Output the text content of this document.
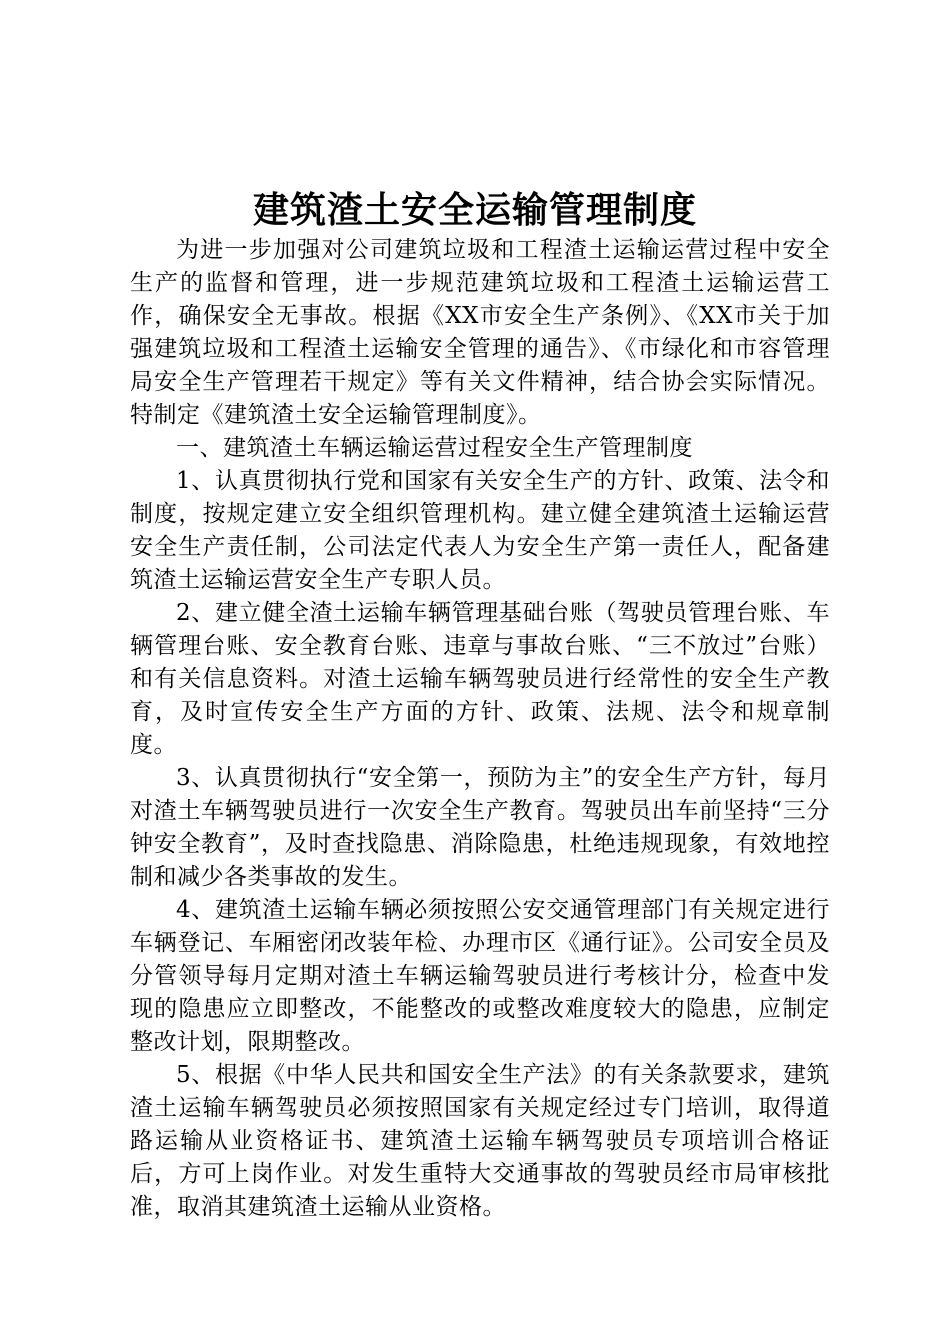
建筑渣土安全运输管理制度

为进一步加强对公司建筑垃圾和工程渣土运输运营过程中安全生产的监督和管理，进一步规范建筑垃圾和工程渣土运输运营工作，确保安全无事故。根据《XX市安全生产条例》、《XX市关于加强建筑垃圾和工程渣土运输安全管理的通告》、《市绿化和市容管理局安全生产管理若干规定》等有关文件精神，结合协会实际情况。特制定《建筑渣土安全运输管理制度》。

一、建筑渣土车辆运输运营过程安全生产管理制度

1、认真贯彻执行党和国家有关安全生产的方针、政策、法令和制度，按规定建立安全组织管理机构。建立健全建筑渣土运输运营安全生产责任制，公司法定代表人为安全生产第一责任人，配备建筑渣土运输运营安全生产专职人员。

2、建立健全渣土运输车辆管理基础台账（驾驶员管理台账、车辆管理台账、安全教育台账、违章与事故台账、“三不放过”台账）和有关信息资料。对渣土运输车辆驾驶员进行经常性的安全生产教育，及时宣传安全生产方面的方针、政策、法规、法令和规章制度。

3、认真贯彻执行“安全第一，预防为主”的安全生产方针，每月对渣土车辆驾驶员进行一次安全生产教育。驾驶员出车前坚持“三分钟安全教育”，及时查找隐患、消除隐患，杜绝违规现象，有效地控制和减少各类事故的发生。

4、建筑渣土运输车辆必须按照公安交通管理部门有关规定进行车辆登记、车厢密闭改装年检、办理市区《通行证》。公司安全员及分管领导每月定期对渣土车辆运输驾驶员进行考核计分，检查中发现的隐患应立即整改，不能整改的或整改难度较大的隐患，应制定整改计划，限期整改。

5、根据《中华人民共和国安全生产法》的有关条款要求，建筑渣土运输车辆驾驶员必须按照国家有关规定经过专门培训，取得道路运输从业资格证书、建筑渣土运输车辆驾驶员专项培训合格证后，方可上岗作业。对发生重特大交通事故的驾驶员经市局审核批准，取消其建筑渣土运输从业资格。
